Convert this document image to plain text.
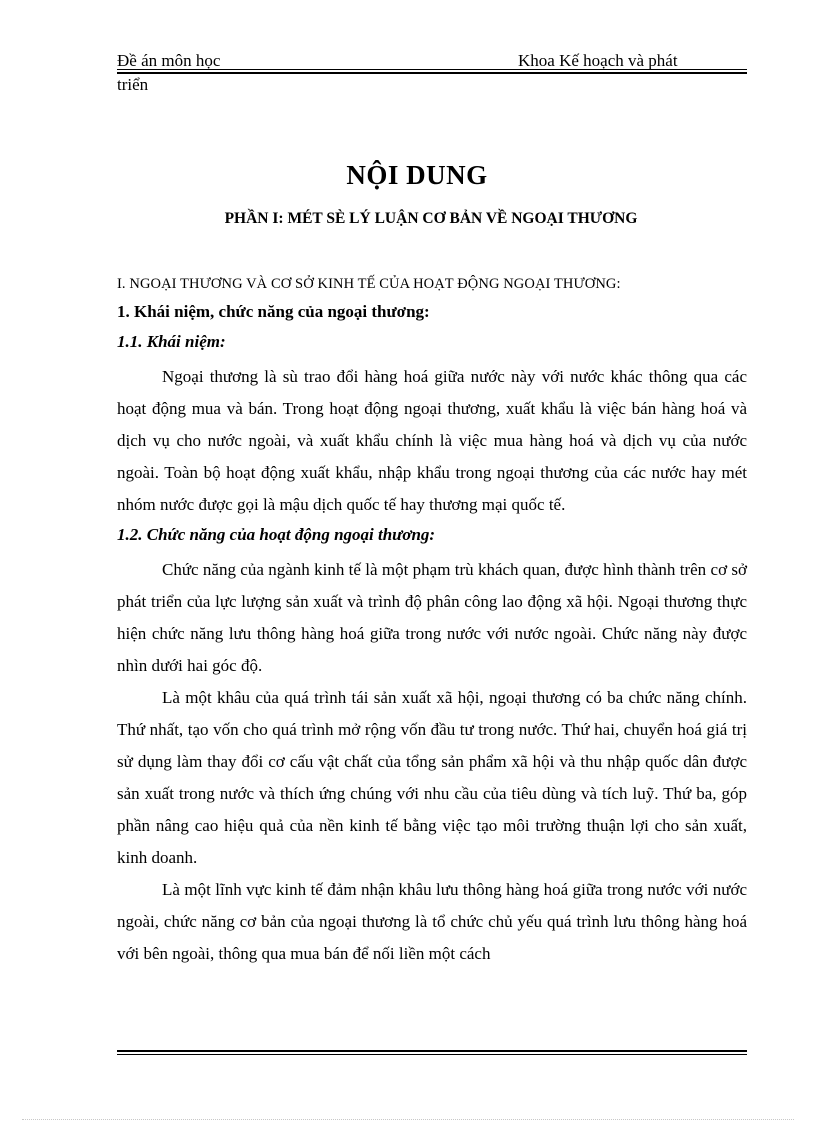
Đề án môn học	Khoa Kế hoạch và phát
triển
NỘI DUNG
PHẦN I: MÉT SÈ LÝ LUẬN CƠ BẢN VỀ NGOẠI THƯƠNG
I. NGOẠI THƯƠNG VÀ CƠ SỞ KINH TẾ CỦA HOẠT ĐỘNG NGOẠI THƯƠNG:
1. Khái niệm, chức năng của ngoại thương:
1.1. Khái niệm:

Ngoại thương là sù trao đổi hàng hoá giữa nước này với nước khác thông qua các hoạt động mua và bán. Trong hoạt động ngoại thương, xuất khẩu là việc bán hàng hoá và dịch vụ cho nước ngoài, và xuất khẩu chính là việc mua hàng hoá và dịch vụ của nước ngoài. Toàn bộ hoạt động xuất khẩu, nhập khẩu trong ngoại thương của các nước hay mét nhóm nước được gọi là mậu dịch quốc tế hay thương mại quốc tế.

1.2. Chức năng của hoạt động ngoại thương:

Chức năng của ngành kinh tế là một phạm trù khách quan, được hình thành trên cơ sở phát triển của lực lượng sản xuất và trình độ phân công lao động xã hội. Ngoại thương thực hiện chức năng lưu thông hàng hoá giữa trong nước với nước ngoài. Chức năng này được nhìn dưới hai góc độ.

Là một khâu của quá trình tái sản xuất xã hội, ngoại thương có ba chức năng chính. Thứ nhất, tạo vốn cho quá trình mở rộng vốn đầu tư trong nước. Thứ hai, chuyển hoá giá trị sử dụng làm thay đổi cơ cấu vật chất của tổng sản phẩm xã hội và thu nhập quốc dân được sản xuất trong nước và thích ứng chúng với nhu cầu của tiêu dùng và tích luỹ. Thứ ba, góp phần nâng cao hiệu quả của nền kinh tế bằng việc tạo môi trường thuận lợi cho sản xuất, kinh doanh.

Là một lĩnh vực kinh tế đảm nhận khâu lưu thông hàng hoá giữa trong nước với nước ngoài, chức năng cơ bản của ngoại thương là tổ chức chủ yếu quá trình lưu thông hàng hoá với bên ngoài, thông qua mua bán để nối liền một cách
